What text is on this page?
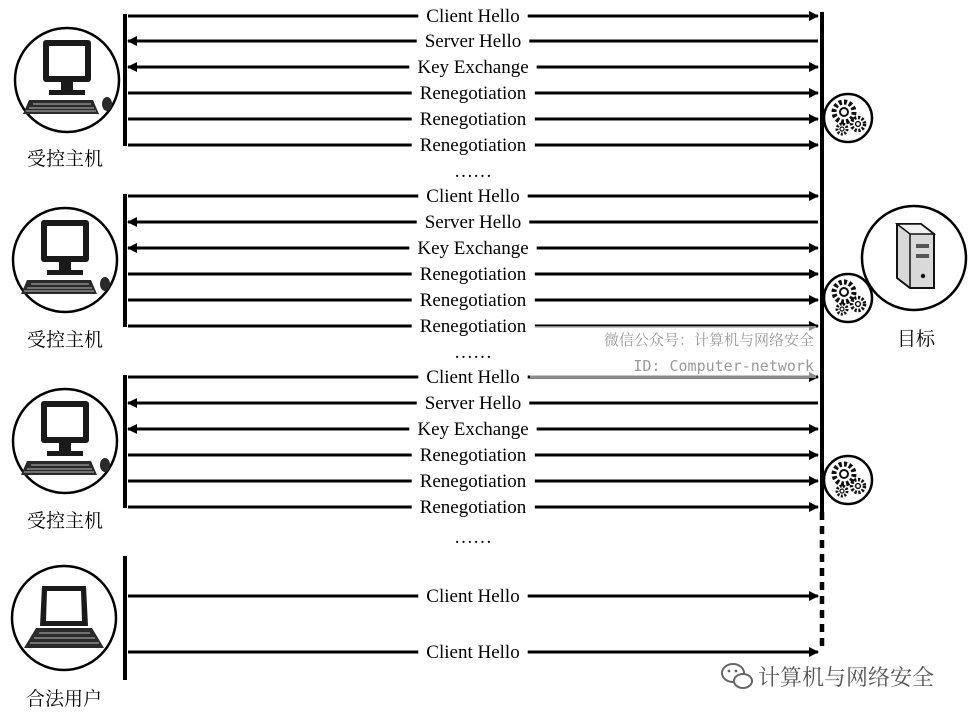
受控主机
Client Hello
Server Hello
Key Exchange
Renegotiation
Renegotiation
Renegotiation
……
受控主机
Client Hello
Server Hello
Key Exchange
Renegotiation
Renegotiation
Renegotiation
……
受控主机
Client Hello
Server Hello
Key Exchange
Renegotiation
Renegotiation
Renegotiation
……
合法用户
Client Hello
Client Hello
目标
微信公众号：计算机与网络安全
ID: Computer-network
计算机与网络安全
